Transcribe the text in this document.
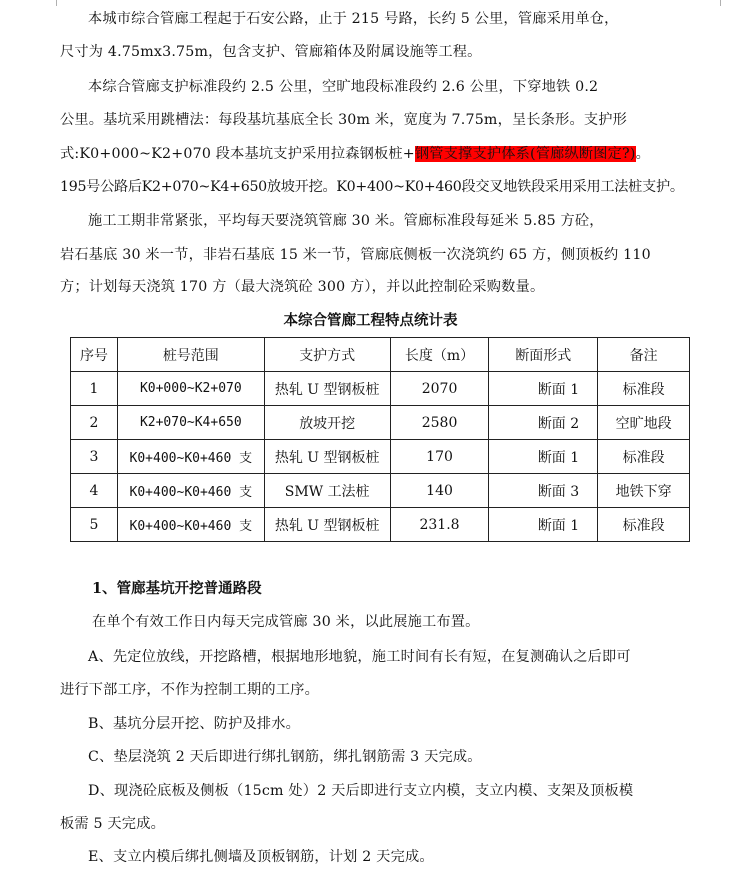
本城市综合管廊工程起于石安公路，止于 215 号路，长约 5 公里，管廊采用单仓，
尺寸为 4.75mx3.75m，包含支护、管廊箱体及附属设施等工程。
本综合管廊支护标准段约 2.5 公里，空旷地段标准段约 2.6 公里，下穿地铁 0.2
公里。基坑采用跳槽法：每段基坑基底全长 30m 米，宽度为 7.75m，呈长条形。支护形
式:K0+000~K2+070 段本基坑支护采用拉森钢板桩+钢管支撑支护体系(管廊纵断图定?)。
195号公路后K2+070~K4+650放坡开挖。K0+400~K0+460段交叉地铁段采用采用工法桩支护。
施工工期非常紧张，平均每天要浇筑管廊 30 米。管廊标准段每延米 5.85 方砼，
岩石基底 30 米一节，非岩石基底 15 米一节，管廊底侧板一次浇筑约 65 方，侧顶板约 110
方；计划每天浇筑 170 方（最大浇筑砼 300 方），并以此控制砼采购数量。
本综合管廊工程特点统计表
序号	桩号范围	支护方式	长度（m）	断面形式	备注
1	K0+000~K2+070	热轧 U 型钢板桩	2070	断面 1	标准段
2	K2+070~K4+650	放坡开挖	2580	断面 2	空旷地段
3	K0+400~K0+460 支	热轧 U 型钢板桩	170	断面 1	标准段
4	K0+400~K0+460 支	SMW 工法桩	140	断面 3	地铁下穿
5	K0+400~K0+460 支	热轧 U 型钢板桩	231.8	断面 1	标准段
1、管廊基坑开挖普通路段
在单个有效工作日内每天完成管廊 30 米，以此展施工布置。
A、先定位放线，开挖路槽，根据地形地貌，施工时间有长有短，在复测确认之后即可
进行下部工序，不作为控制工期的工序。
B、基坑分层开挖、防护及排水。
C、垫层浇筑 2 天后即进行绑扎钢筋，绑扎钢筋需 3 天完成。
D、现浇砼底板及侧板（15cm 处）2 天后即进行支立内模，支立内模、支架及顶板模
板需 5 天完成。
E、支立内模后绑扎侧墙及顶板钢筋，计划 2 天完成。
